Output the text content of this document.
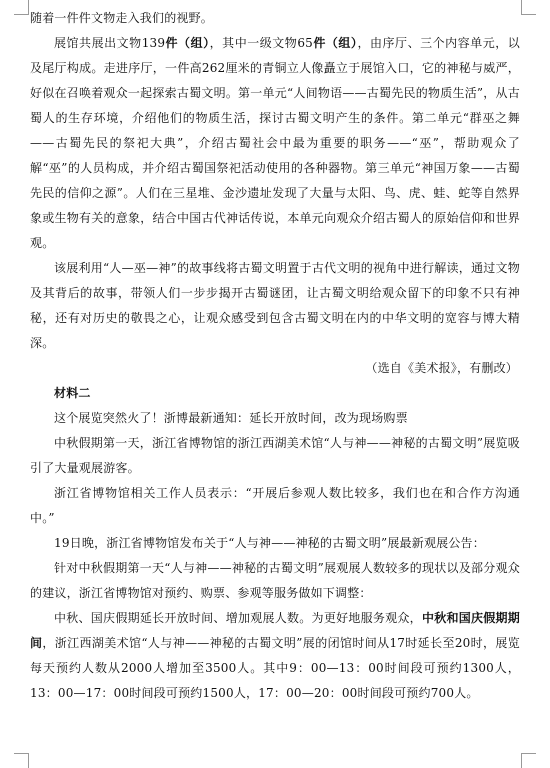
随着一件件文物走入我们的视野。

展馆共展出文物139件（组），其中一级文物65件（组），由序厅、三个内容单元，以及尾厅构成。走进序厅，一件高262厘米的青铜立人像矗立于展馆入口，它的神秘与威严，好似在召唤着观众一起探索古蜀文明。第一单元“人间物语——古蜀先民的物质生活”，从古蜀人的生存环境，介绍他们的物质生活，探讨古蜀文明产生的条件。第二单元“群巫之舞——古蜀先民的祭祀大典”，介绍古蜀社会中最为重要的职务——“巫”，帮助观众了解“巫”的人员构成，并介绍古蜀国祭祀活动使用的各种器物。第三单元“神国万象——古蜀先民的信仰之源”。人们在三星堆、金沙遗址发现了大量与太阳、鸟、虎、蛙、蛇等自然界象或生物有关的意象，结合中国古代神话传说，本单元向观众介绍古蜀人的原始信仰和世界观。

该展利用“人—巫—神”的故事线将古蜀文明置于古代文明的视角中进行解读，通过文物及其背后的故事，带领人们一步步揭开古蜀谜团，让古蜀文明给观众留下的印象不只有神秘，还有对历史的敬畏之心，让观众感受到包含古蜀文明在内的中华文明的宽容与博大精深。

（选自《美术报》，有删改）

材料二

这个展览突然火了！浙博最新通知：延长开放时间，改为现场购票

中秋假期第一天，浙江省博物馆的浙江西湖美术馆“人与神——神秘的古蜀文明”展览吸引了大量观展游客。

浙江省博物馆相关工作人员表示：“开展后参观人数比较多，我们也在和合作方沟通中。”

19日晚，浙江省博物馆发布关于“人与神——神秘的古蜀文明”展最新观展公告：

针对中秋假期第一天“人与神——神秘的古蜀文明”展观展人数较多的现状以及部分观众的建议，浙江省博物馆对预约、购票、参观等服务做如下调整：

中秋、国庆假期延长开放时间、增加观展人数。为更好地服务观众，中秋和国庆假期期间，浙江西湖美术馆“人与神——神秘的古蜀文明”展的闭馆时间从17时延长至20时，展览每天预约人数从2000人增加至3500人。其中9：00—13：00时间段可预约1300人，13：00—17：00时间段可预约1500人，17：00—20：00时间段可预约700人。
